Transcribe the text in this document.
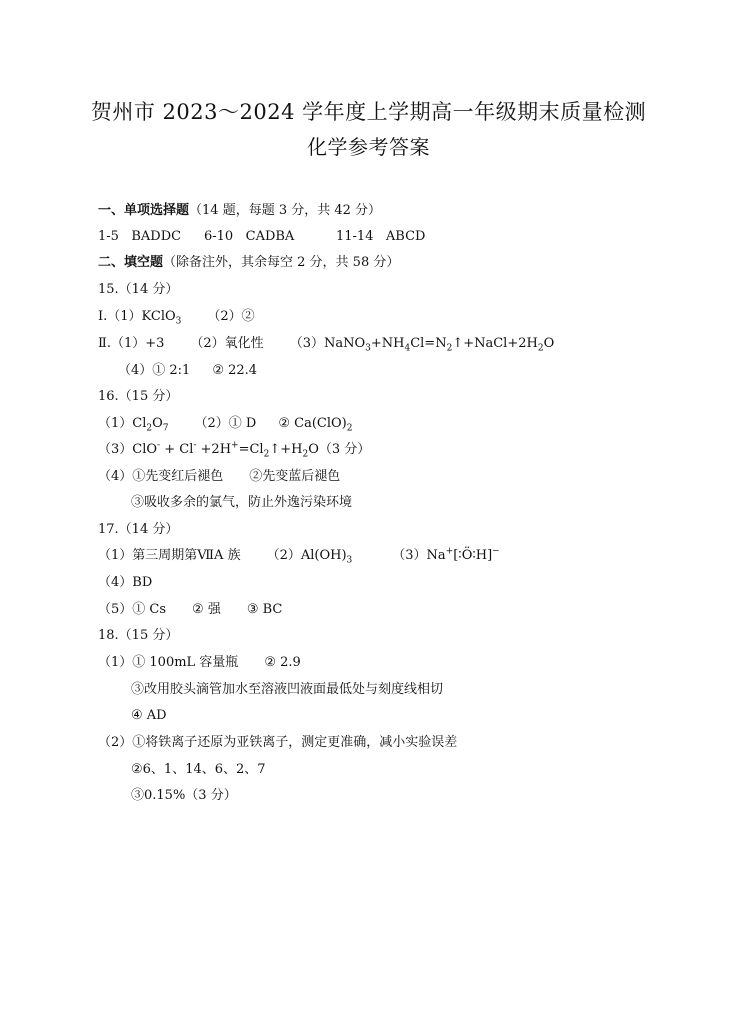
贺州市 2023～2024 学年度上学期高一年级期末质量检测
化学参考答案
一、单项选择题（14 题，每题 3 分，共 42 分）
1-5 BADDC 6-10 CADBA	11-14 ABCD
二、填空题（除备注外，其余每空 2 分，共 58 分）
15.（14 分）
Ⅰ.（1）KClO$_3$ （2）②
Ⅱ.（1）+3 （2）氧化性 $(3)NaNO_3+NH_4Cl=N_2↑+NaCl+2H_2O$
（4）① 2:1 ② 22.4
16.（15 分）
$(1)Cl_2O_7$ （2）① D ② $Ca(ClO)_2$
$(3)ClO^- + Cl^- +2H^+=Cl_2↑+H_2O(3$ 分）
（4）①先变红后褪色 ②先变蓝后褪色
③吸收多余的氯气，防止外逸污染环境
17.（14 分）
（1）第三周期第ⅦA 族 $(2)Al(OH)_3$	（3）Na+[∶Ö∶H]−
（4）BD
（5）① Cs ② 强 ③ BC
18.（15 分）
（1）① 100mL 容量瓶 ② 2.9
③改用胶头滴管加水至溶液凹液面最低处与刻度线相切
④ AD
（2）①将铁离子还原为亚铁离子，测定更准确，减小实验误差
②6、1、14、6、2、7
③0.15%（3 分）
